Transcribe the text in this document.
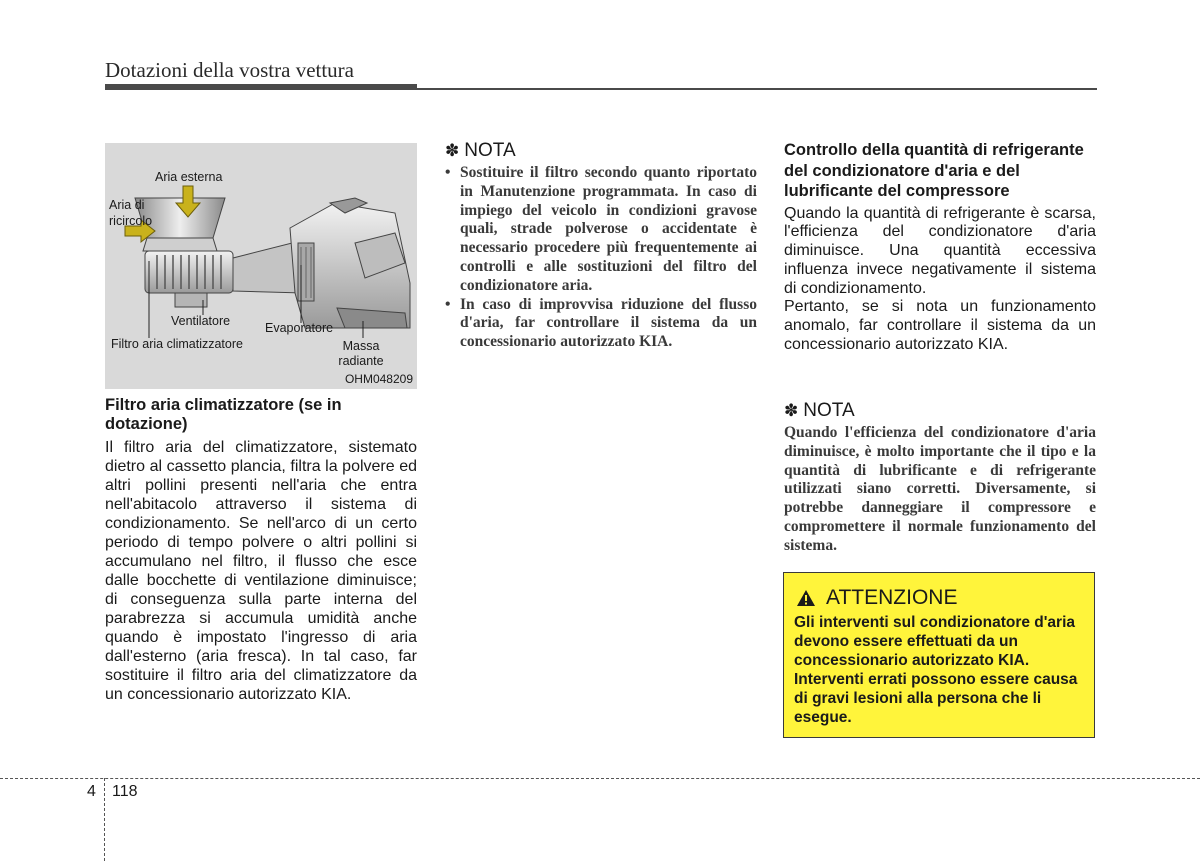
Dotazioni della vostra vettura
Aria esterna
Aria di ricircolo
Ventilatore	Evaporatore
Filtro aria climatizzatore	Massa radiante
OHM048209
Filtro aria climatizzatore (se in dotazione)

Il filtro aria del climatizzatore, sistemato dietro al cassetto plancia, filtra la polvere ed altri pollini presenti nell'aria che entra nell'abitacolo attraverso il sistema di condizionamento. Se nell'arco di un certo periodo di tempo polvere o altri pollini si accumulano nel filtro, il flusso che esce dalle bocchette di ventilazione diminuisce; di conseguenza sulla parte interna del parabrezza si accumula umidità anche quando è impostato l'ingresso di aria dall'esterno (aria fresca). In tal caso, far sostituire il filtro aria del climatizzatore da un concessionario autorizzato KIA.

✽ NOTA
• Sostituire il filtro secondo quanto riportato in Manutenzione programmata. In caso di impiego del veicolo in condizioni gravose quali, strade polverose o accidentate è necessario procedere più frequentemente ai controlli e alle sostituzioni del filtro del condizionatore aria.
• In caso di improvvisa riduzione del flusso d'aria, far controllare il sistema da un concessionario autorizzato KIA.
Controllo della quantità di refrigerante del condizionatore d'aria e del lubrificante del compressore

Quando la quantità di refrigerante è scarsa, l'efficienza del condizionatore d'aria diminuisce. Una quantità eccessiva influenza invece negativamente il sistema di condizionamento.

Pertanto, se si nota un funzionamento anomalo, far controllare il sistema da un concessionario autorizzato KIA.

✽ NOTA

Quando l'efficienza del condizionatore d'aria diminuisce, è molto importante che il tipo e la quantità di lubrificante e di refrigerante utilizzati siano corretti. Diversamente, si potrebbe danneggiare il compressore e compromettere il normale funzionamento del sistema.

ATTENZIONE

Gli interventi sul condizionatore d'aria devono essere effettuati da un concessionario autorizzato KIA. Interventi errati possono essere causa di gravi lesioni alla persona che li esegue.

4 118
